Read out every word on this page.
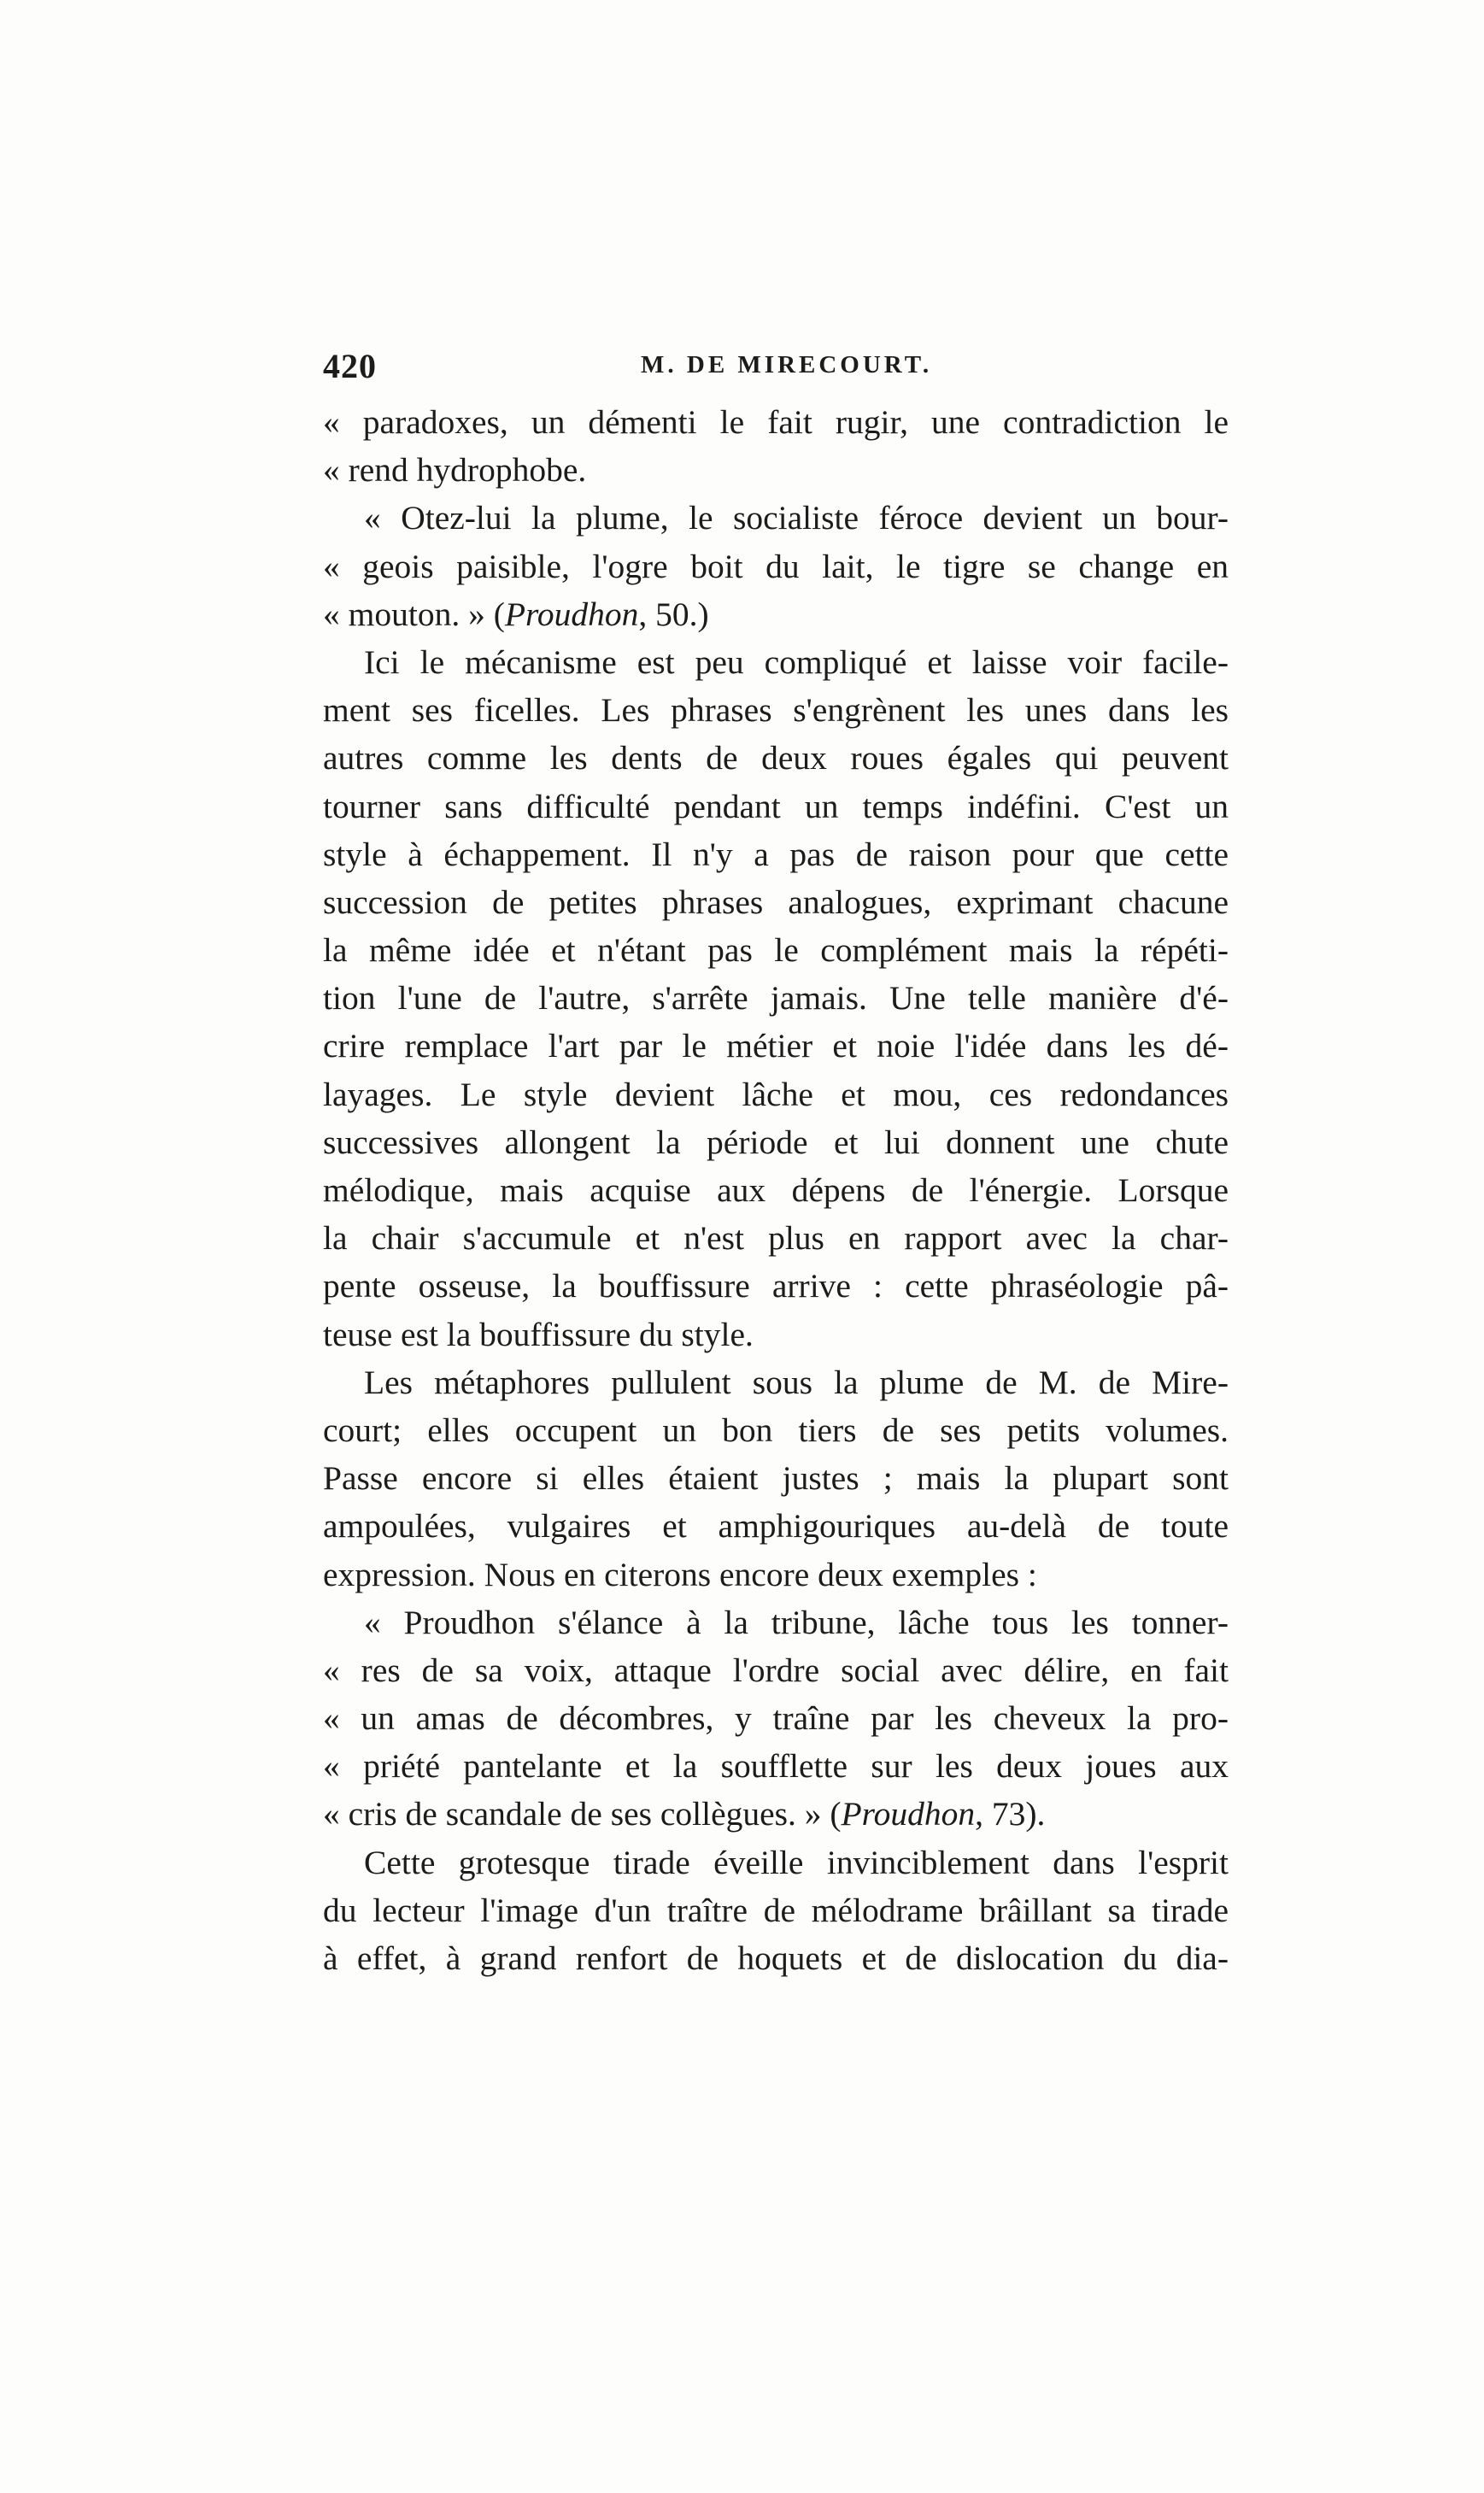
420	M. DE MIRECOURT.
« paradoxes, un démenti le fait rugir, une contradiction le
« rend hydrophobe.
« Otez-lui la plume, le socialiste féroce devient un bour-
« geois paisible, l'ogre boit du lait, le tigre se change en
« mouton. » (Proudhon, 50.)
Ici le mécanisme est peu compliqué et laisse voir facile-
ment ses ficelles. Les phrases s'engrènent les unes dans les
autres comme les dents de deux roues égales qui peuvent
tourner sans difficulté pendant un temps indéfini. C'est un
style à échappement. Il n'y a pas de raison pour que cette
succession de petites phrases analogues, exprimant chacune
la même idée et n'étant pas le complément mais la répéti-
tion l'une de l'autre, s'arrête jamais. Une telle manière d'é-
crire remplace l'art par le métier et noie l'idée dans les dé-
layages. Le style devient lâche et mou, ces redondances
successives allongent la période et lui donnent une chute
mélodique, mais acquise aux dépens de l'énergie. Lorsque
la chair s'accumule et n'est plus en rapport avec la char-
pente osseuse, la bouffissure arrive : cette phraséologie pâ-
teuse est la bouffissure du style.
Les métaphores pullulent sous la plume de M. de Mire-
court; elles occupent un bon tiers de ses petits volumes.
Passe encore si elles étaient justes ; mais la plupart sont
ampoulées, vulgaires et amphigouriques au-delà de toute
expression. Nous en citerons encore deux exemples :
« Proudhon s'élance à la tribune, lâche tous les tonner-
« res de sa voix, attaque l'ordre social avec délire, en fait
« un amas de décombres, y traîne par les cheveux la pro-
« priété pantelante et la soufflette sur les deux joues aux
« cris de scandale de ses collègues. » (Proudhon, 73).
Cette grotesque tirade éveille invinciblement dans l'esprit
du lecteur l'image d'un traître de mélodrame brâillant sa tirade
à effet, à grand renfort de hoquets et de dislocation du dia-
